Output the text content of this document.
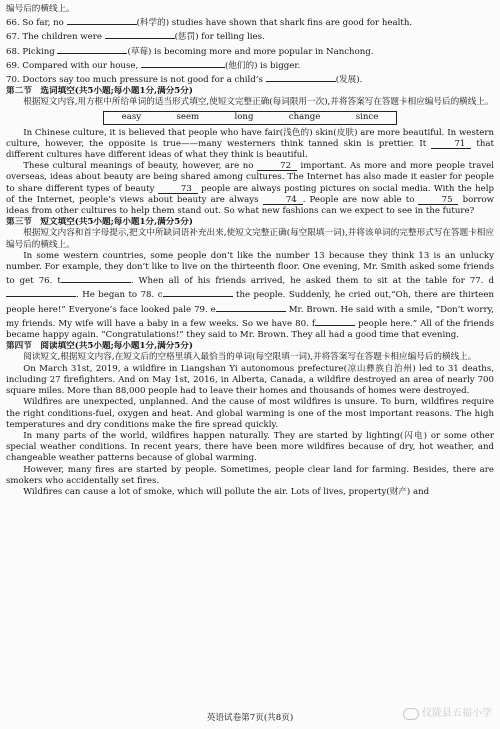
编号后的横线上。
66. So far, no	(科学的) studies have shown that shark fins are good for health.
67. The children were	(惩罚) for telling lies.
68. Picking	(草莓) is becoming more and more popular in Nanchong.
69. Compared with our house,	(他们的) is bigger.
70. Doctors say too much pressure is not good for a child’s	(发展).
第二节　选词填空(共5小题;每小题1分,满分5分)

根据短文内容,用方框中所给单词的适当形式填空,使短文完整正确(每词限用一次),并将答案写在答题卡相应编号后的横线上。

easy	seem	long	change	since

In Chinese culture, it is believed that people who have fair(浅色的) skin(皮肤) are more beautiful. In western culture, however, the opposite is true——many westerners think tanned skin is prettier. It	71 that different cultures have different ideas of what they think is beautiful.

These cultural meanings of beauty, however, are no	72 important. As more and more people travel overseas, ideas about beauty are being shared among cultures. The Internet has also made it easier for people to share different types of beauty	73 people are always posting pictures on social media. With the help of the Internet, people’s views about beauty are always	74 . People are now able to	75 borrow ideas from other cultures to help them stand out. So what new fashions can we expect to see in the future?

第三节　短文填空(共5小题;每小题1分,满分5分)

根据短文内容和首字母提示,把文中所缺词语补充出来,使短文完整正确(每空限填一词),并将该单词的完整形式写在答题卡相应编号后的横线上。

In some western countries, some people don’t like the number 13 because they think 13 is an unlucky number. For example, they don’t like to live on the thirteenth floor. One evening, Mr. Smith asked some friends to get 76. t	. When all of his friends arrived, he asked them to sit at the table for 77. d. He began to 78. c	the people. Suddenly, he cried out,“Oh, there are thirteen people here!” Everyone’s face looked pale 79. e	Mr. Brown. He said with a smile, “Don’t worry, my friends. My wife will have a baby in a few weeks. So we have 80. f	people here.” All of the friends became happy again. “Congratulations!” they said to Mr. Brown. They all had a good time that evening.

第四节　阅读填空(共5小题;每小题1分,满分5分)

阅读短文,根据短文内容,在短文后的空格里填入最恰当的单词(每空限填一词),并将答案写在答题卡相应编号后的横线上。

On March 31st, 2019, a wildfire in Liangshan Yi autonomous prefecture(凉山彝族自治州) led to 31 deaths, including 27 firefighters. And on May 1st, 2016, in Alberta, Canada, a wildfire destroyed an area of nearly 700 square miles. More than 88,000 people had to leave their homes and thousands of homes were destroyed.

Wildfires are unexpected, unplanned. And the cause of most wildfires is unsure. To burn, wildfires require the right conditions-fuel, oxygen and heat. And global warming is one of the most important reasons. The high temperatures and dry conditions make the fire spread quickly.

In many parts of the world, wildfires happen naturally. They are started by lighting(闪电) or some other special weather conditions. In recent years, there have been more wildfires because of dry, hot weather, and changeable weather patterns because of global warming.

However, many fires are started by people. Sometimes, people clear land for farming. Besides, there are smokers who accidentally set fires.

Wildfires can cause a lot of smoke, which will pollute the air. Lots of lives, property(财产) and

英语试卷第7页(共8页)	仪陇县五福小学
